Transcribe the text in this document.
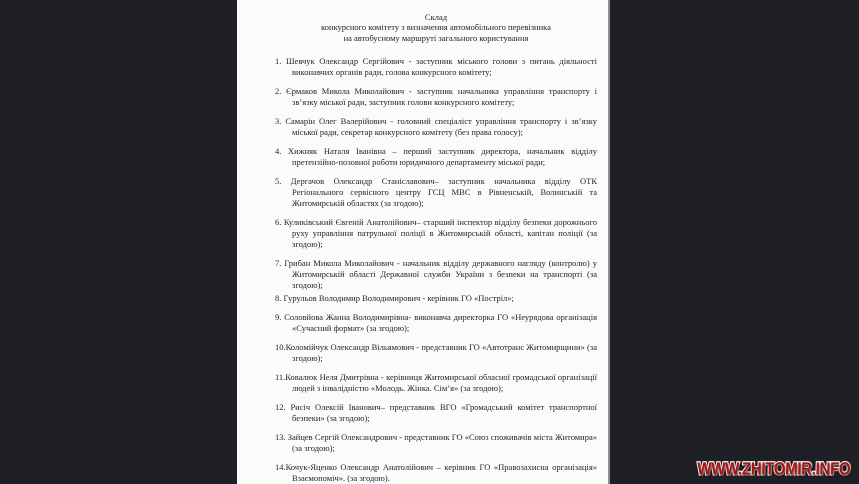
Склад
конкурсного комітету з визначення автомобільного перевізника
на автобусному маршруті загального користування
1. Шевчук Олександр Сергійович - заступник міського голови з питань діяльності виконавчих органів ради, голова конкурсного комітету;
2. Єрмаков Микола Миколайович - заступник начальника управління транспорту і зв’язку міської ради, заступник голови конкурсного комітету;
3. Самарін Олег Валерійович - головний спеціаліст управління транспорту і зв’язку міської ради, секретар конкурсного комітету (без права голосу);
4. Хижняк Наталя Іванівна – перший заступник директора, начальник відділу претензійно-позовної роботи юридичного департаменту міської ради;
5. Дергачов Олександр Станіславович– заступник начальника відділу ОТК Регіонального сервісного центру ГСЦ МВС в Рівненській, Волинській та Житомирській областях (за згодою);
6. Куликівський Євгеній Анатолійович– старший інспектор відділу безпеки дорожнього руху управління патрульної поліції в Житомирській області, капітан поліції (за згодою);
7. Грибан Микола Миколайович - начальник відділу державного нагляду (контролю) у Житомирській області Державної служби України з безпеки на транспорті (за згодою);
8. Гурульов Володимир Володимирович - керівник ГО «Постріл»;
9. Соловйова Жанна Володимирівна- виконавча директорка ГО «Неурядова організація «Сучасний формат» (за згодою);
10.Коломійчук Олександр Вільямович - представник ГО «Автотранс Житомирщини» (за згодою);
11.Ковалюк Неля Дмитрівна - керівниця Житомирської обласної громадської організації людей з інвалідністю «Молодь. Жінка. Сім’я» (за згодою);
12. Рисіч Олексій Іванович– представник ВГО «Громадський комітет транспортної безпеки» (за згодою);
13. Зайцев Сергій Олександрович - представник ГО «Союз споживачів міста Житомира» (за згодою);
14.Кочук-Яценко Олександр Анатолійович – керівник ГО «Правозахисна організація» Взаємопоміч». (за згодою).	WWW.ZHITOMIR.INFO
